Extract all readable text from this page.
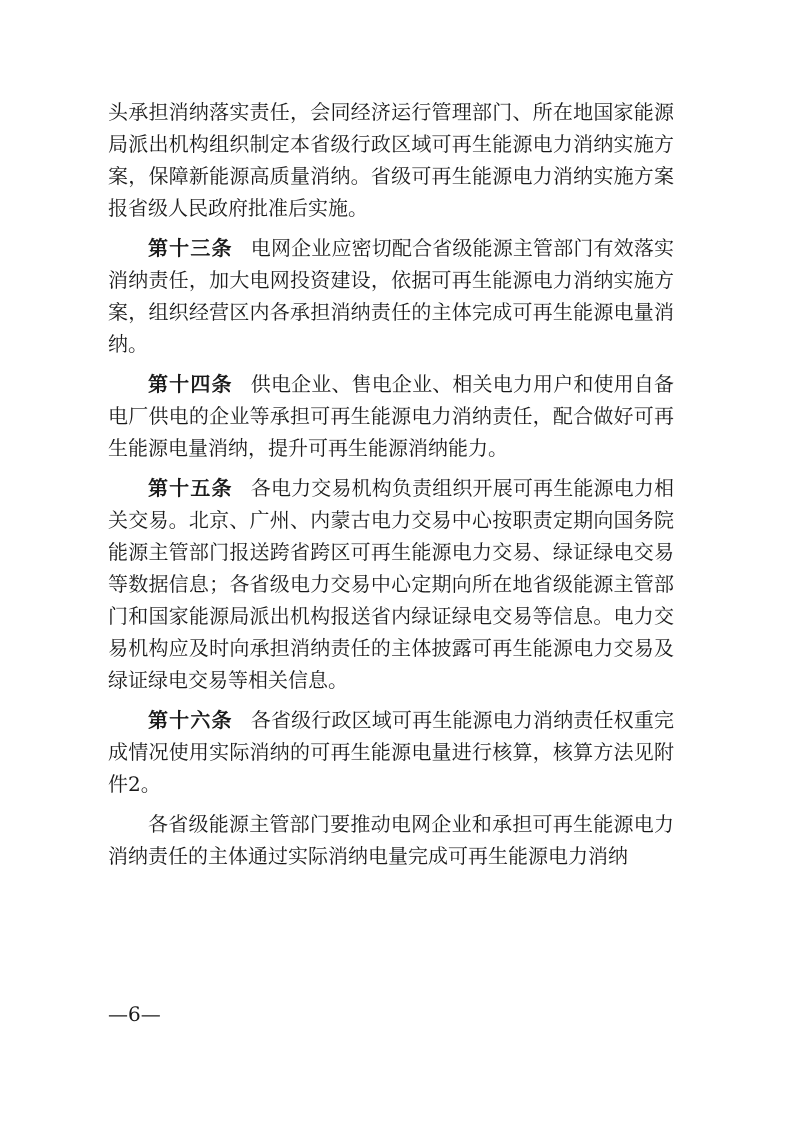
头承担消纳落实责任，会同经济运行管理部门、所在地国家能源局派出机构组织制定本省级行政区域可再生能源电力消纳实施方案，保障新能源高质量消纳。省级可再生能源电力消纳实施方案报省级人民政府批准后实施。

第十三条 电网企业应密切配合省级能源主管部门有效落实消纳责任，加大电网投资建设，依据可再生能源电力消纳实施方案，组织经营区内各承担消纳责任的主体完成可再生能源电量消纳。

第十四条 供电企业、售电企业、相关电力用户和使用自备电厂供电的企业等承担可再生能源电力消纳责任，配合做好可再生能源电量消纳，提升可再生能源消纳能力。

第十五条 各电力交易机构负责组织开展可再生能源电力相关交易。北京、广州、内蒙古电力交易中心按职责定期向国务院能源主管部门报送跨省跨区可再生能源电力交易、绿证绿电交易等数据信息；各省级电力交易中心定期向所在地省级能源主管部门和国家能源局派出机构报送省内绿证绿电交易等信息。电力交易机构应及时向承担消纳责任的主体披露可再生能源电力交易及绿证绿电交易等相关信息。

第十六条 各省级行政区域可再生能源电力消纳责任权重完成情况使用实际消纳的可再生能源电量进行核算，核算方法见附件2。

各省级能源主管部门要推动电网企业和承担可再生能源电力消纳责任的主体通过实际消纳电量完成可再生能源电力消纳

—6—
